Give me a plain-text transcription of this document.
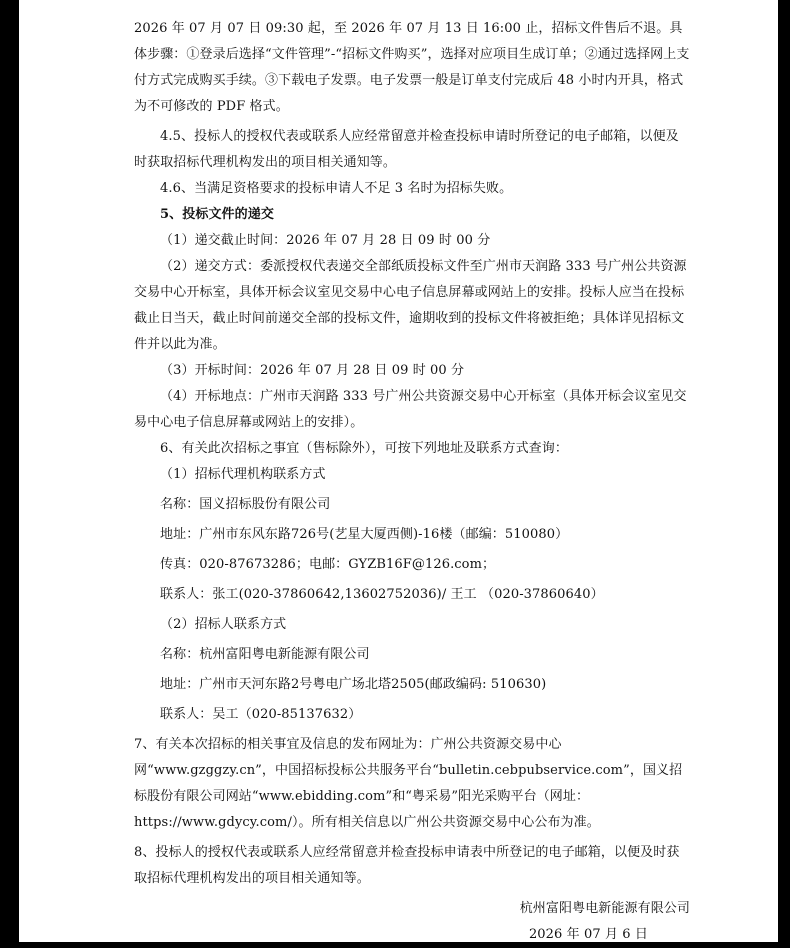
2026 年 07 月 07 日 09:30 起，至 2026 年 07 月 13 日 16:00 止，招标文件售后不退。具体步骤：①登录后选择“文件管理”-“招标文件购买”，选择对应项目生成订单；②通过选择网上支付方式完成购买手续。③下载电子发票。电子发票一般是订单支付完成后 48 小时内开具，格式为不可修改的 PDF 格式。

4.5、投标人的授权代表或联系人应经常留意并检查投标申请时所登记的电子邮箱，以便及时获取招标代理机构发出的项目相关通知等。

4.6、当满足资格要求的投标申请人不足 3 名时为招标失败。

5、投标文件的递交

（1）递交截止时间：2026 年 07 月 28 日 09 时 00 分

（2）递交方式：委派授权代表递交全部纸质投标文件至广州市天润路 333 号广州公共资源交易中心开标室，具体开标会议室见交易中心电子信息屏幕或网站上的安排。投标人应当在投标截止日当天，截止时间前递交全部的投标文件，逾期收到的投标文件将被拒绝；具体详见招标文件并以此为准。

（3）开标时间：2026 年 07 月 28 日 09 时 00 分

（4）开标地点：广州市天润路 333 号广州公共资源交易中心开标室（具体开标会议室见交易中心电子信息屏幕或网站上的安排）。

6、有关此次招标之事宜（售标除外），可按下列地址及联系方式查询：

（1）招标代理机构联系方式

名称：国义招标股份有限公司

地址：广州市东风东路726号(艺星大厦西侧)-16楼（邮编：510080）

传真：020-87673286；电邮：GYZB16F@126.com；

联系人：张工(020-37860642,13602752036)/ 王工 （020-37860640）

（2）招标人联系方式

名称：杭州富阳粤电新能源有限公司

地址：广州市天河东路2号粤电广场北塔2505(邮政编码: 510630)

联系人：吴工（020-85137632）

7、有关本次招标的相关事宜及信息的发布网址为：广州公共资源交易中心网“www.gzggzy.cn”，中国招标投标公共服务平台“bulletin.cebpubservice.com”，国义招标股份有限公司网站“www.ebidding.com”和“粤采易”阳光采购平台（网址：https://www.gdycy.com/）。所有相关信息以广州公共资源交易中心公布为准。

8、投标人的授权代表或联系人应经常留意并检查投标申请表中所登记的电子邮箱，以便及时获取招标代理机构发出的项目相关通知等。

杭州富阳粤电新能源有限公司

2026 年 07 月 6 日
